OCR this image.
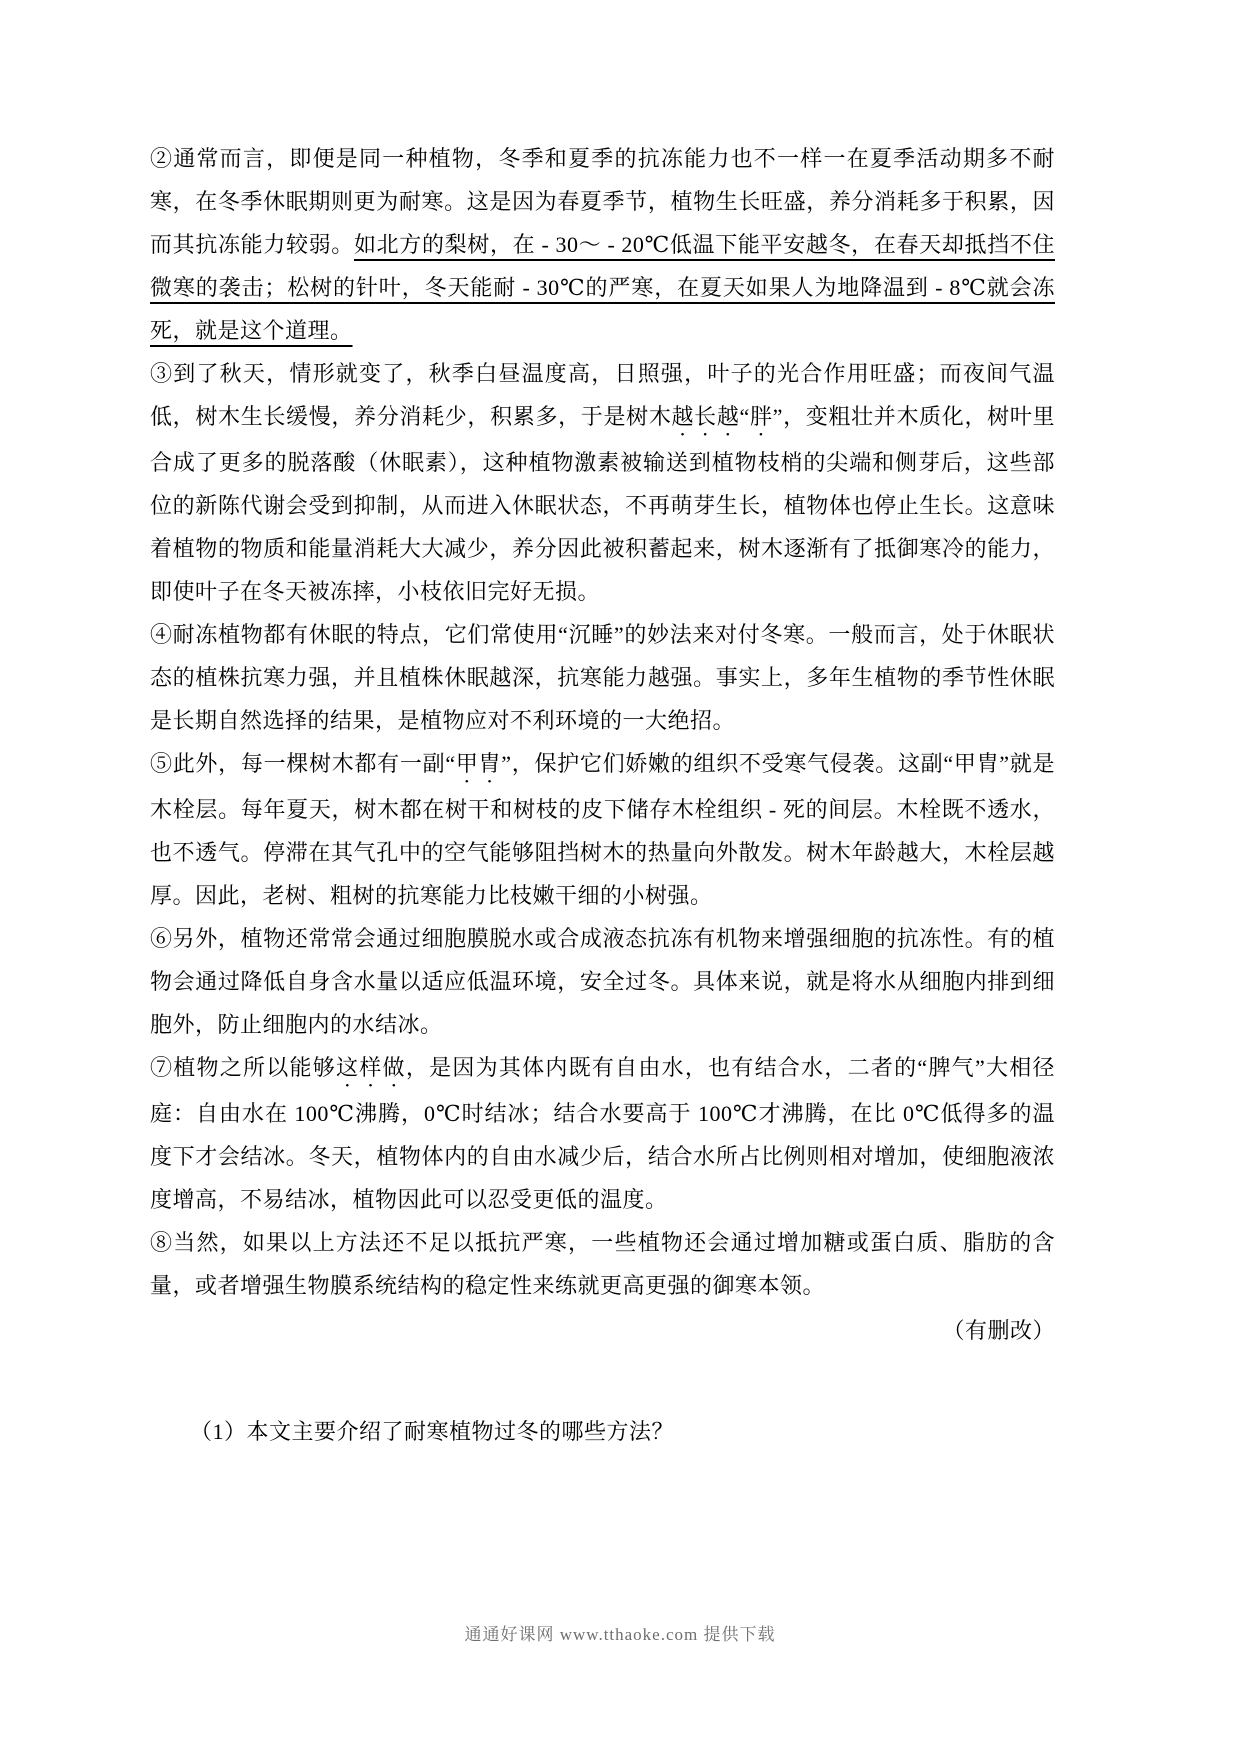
②通常而言，即便是同一种植物，冬季和夏季的抗冻能力也不一样一在夏季活动期多不耐寒，在冬季休眠期则更为耐寒。这是因为春夏季节，植物生长旺盛，养分消耗多于积累，因而其抗冻能力较弱。如北方的梨树，在 - 30～ - 20℃低温下能平安越冬，在春天却抵挡不住微寒的袭击；松树的针叶，冬天能耐 - 30℃的严寒，在夏天如果人为地降温到 - 8℃就会冻死，就是这个道理。

③到了秋天，情形就变了，秋季白昼温度高，日照强，叶子的光合作用旺盛；而夜间气温低，树木生长缓慢，养分消耗少，积累多，于是树木越长越“胖”，变粗壮并木质化，树叶里合成了更多的脱落酸（休眠素），这种植物激素被输送到植物枝梢的尖端和侧芽后，这些部位的新陈代谢会受到抑制，从而进入休眠状态，不再萌芽生长，植物体也停止生长。这意味着植物的物质和能量消耗大大减少，养分因此被积蓄起来，树木逐渐有了抵御寒冷的能力，即使叶子在冬天被冻摔，小枝依旧完好无损。

④耐冻植物都有休眠的特点，它们常使用“沉睡”的妙法来对付冬寒。一般而言，处于休眠状态的植株抗寒力强，并且植株休眠越深，抗寒能力越强。事实上，多年生植物的季节性休眠是长期自然选择的结果，是植物应对不利环境的一大绝招。

⑤此外，每一棵树木都有一副“甲胄”，保护它们娇嫩的组织不受寒气侵袭。这副“甲胄”就是木栓层。每年夏天，树木都在树干和树枝的皮下储存木栓组织 - 死的间层。木栓既不透水，也不透气。停滞在其气孔中的空气能够阻挡树木的热量向外散发。树木年龄越大，木栓层越厚。因此，老树、粗树的抗寒能力比枝嫩干细的小树强。

⑥另外，植物还常常会通过细胞膜脱水或合成液态抗冻有机物来增强细胞的抗冻性。有的植物会通过降低自身含水量以适应低温环境，安全过冬。具体来说，就是将水从细胞内排到细胞外，防止细胞内的水结冰。

⑦植物之所以能够这样做，是因为其体内既有自由水，也有结合水，二者的“脾气”大相径庭：自由水在 100℃沸腾，0℃时结冰；结合水要高于 100℃才沸腾，在比 0℃低得多的温度下才会结冰。冬天，植物体内的自由水减少后，结合水所占比例则相对增加，使细胞液浓度增高，不易结冰，植物因此可以忍受更低的温度。

⑧当然，如果以上方法还不足以抵抗严寒，一些植物还会通过增加糖或蛋白质、脂肪的含量，或者增强生物膜系统结构的稳定性来练就更高更强的御寒本领。

（有删改）
（1）本文主要介绍了耐寒植物过冬的哪些方法？
通通好课网 www.tthaoke.com 提供下载
